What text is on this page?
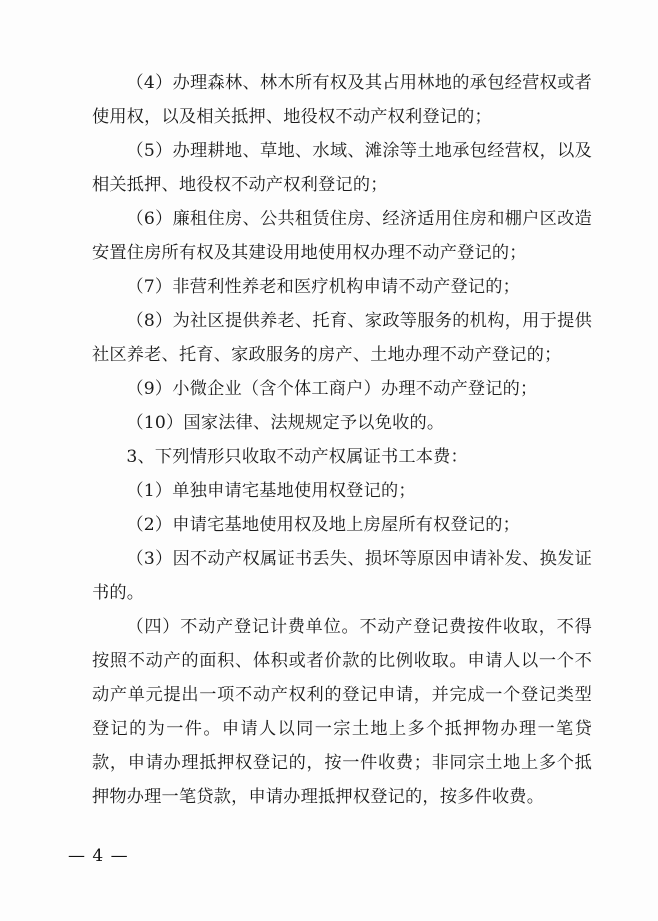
（4）办理森林、林木所有权及其占用林地的承包经营权或者使用权，以及相关抵押、地役权不动产权利登记的；

（5）办理耕地、草地、水域、滩涂等土地承包经营权，以及相关抵押、地役权不动产权利登记的；

（6）廉租住房、公共租赁住房、经济适用住房和棚户区改造安置住房所有权及其建设用地使用权办理不动产登记的；

（7）非营利性养老和医疗机构申请不动产登记的；

（8）为社区提供养老、托育、家政等服务的机构，用于提供社区养老、托育、家政服务的房产、土地办理不动产登记的；

（9）小微企业（含个体工商户）办理不动产登记的；

（10）国家法律、法规规定予以免收的。

3、下列情形只收取不动产权属证书工本费：

（1）单独申请宅基地使用权登记的；

（2）申请宅基地使用权及地上房屋所有权登记的；

（3）因不动产权属证书丢失、损坏等原因申请补发、换发证书的。

（四）不动产登记计费单位。不动产登记费按件收取，不得按照不动产的面积、体积或者价款的比例收取。申请人以一个不动产单元提出一项不动产权利的登记申请，并完成一个登记类型登记的为一件。申请人以同一宗土地上多个抵押物办理一笔贷款，申请办理抵押权登记的，按一件收费；非同宗土地上多个抵押物办理一笔贷款，申请办理抵押权登记的，按多件收费。

— 4 —
